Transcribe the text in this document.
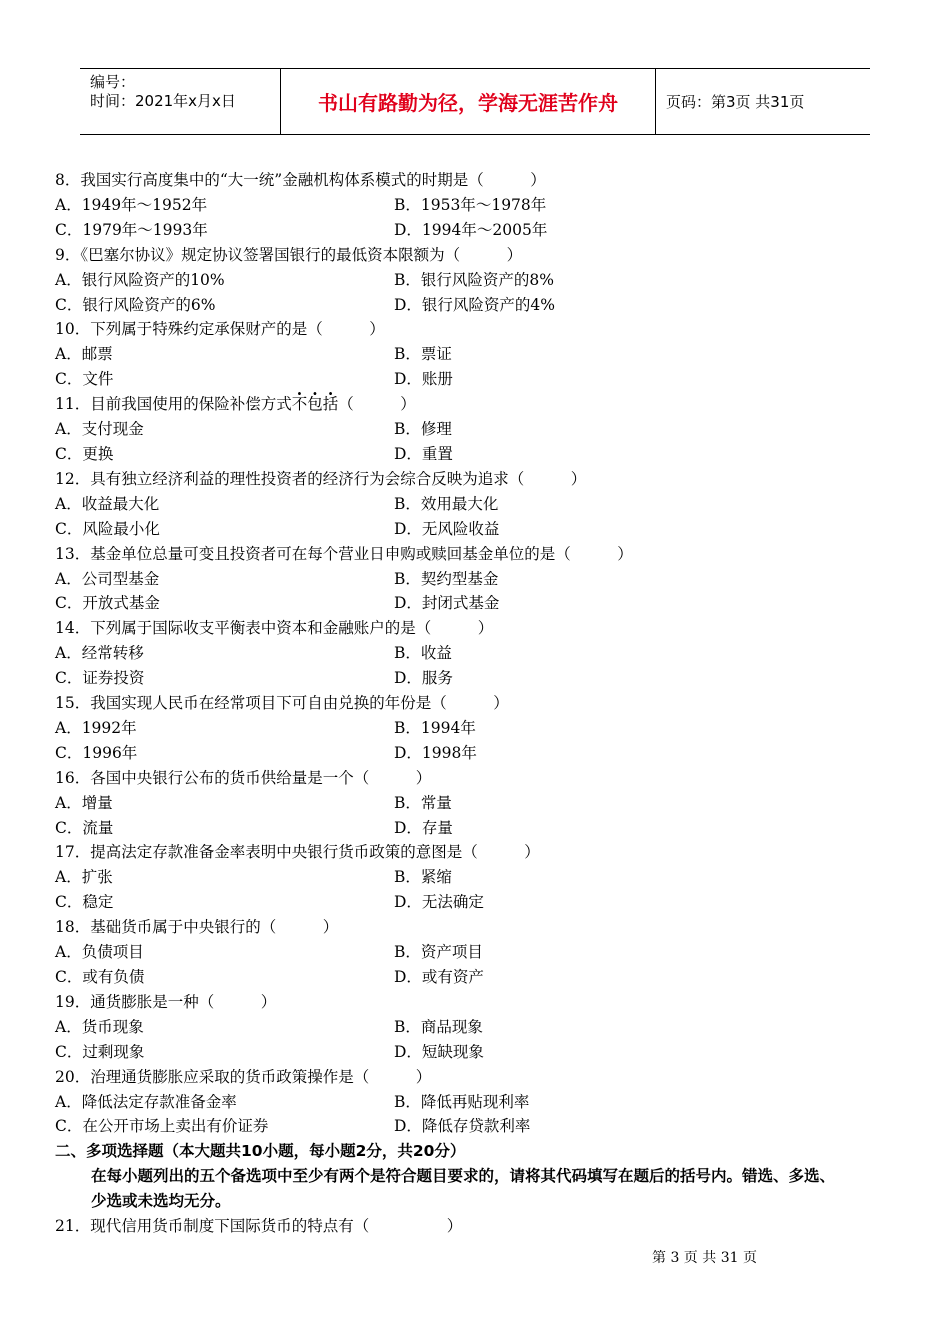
编号：
时间：2021年x月x日	书山有路勤为径，学海无涯苦作舟	页码：第3页 共31页
8．我国实行高度集中的“大一统”金融机构体系模式的时期是（　　　）
A．1949年～1952年	B．1953年～1978年
C．1979年～1993年	D．1994年～2005年
9．《巴塞尔协议》规定协议签署国银行的最低资本限额为（　　　）
A．银行风险资产的10%	B．银行风险资产的8%
C．银行风险资产的6%	D．银行风险资产的4%
10．下列属于特殊约定承保财产的是（　　　）
A．邮票	B．票证
C．文件	D．账册
11．目前我国使用的保险补偿方式不包括（　　　）
A．支付现金	B．修理
C．更换	D．重置
12．具有独立经济利益的理性投资者的经济行为会综合反映为追求（　　　）
A．收益最大化	B．效用最大化
C．风险最小化	D．无风险收益
13．基金单位总量可变且投资者可在每个营业日申购或赎回基金单位的是（　　　）
A．公司型基金	B．契约型基金
C．开放式基金	D．封闭式基金
14．下列属于国际收支平衡表中资本和金融账户的是（　　　）
A．经常转移	B．收益
C．证券投资	D．服务
15．我国实现人民币在经常项目下可自由兑换的年份是（　　　）
A．1992年	B．1994年
C．1996年	D．1998年
16．各国中央银行公布的货币供给量是一个（　　　）
A．增量	B．常量
C．流量	D．存量
17．提高法定存款准备金率表明中央银行货币政策的意图是（　　　）
A．扩张	B．紧缩
C．稳定	D．无法确定
18．基础货币属于中央银行的（　　　）
A．负债项目	B．资产项目
C．或有负债	D．或有资产
19．通货膨胀是一种（　　　）
A．货币现象	B．商品现象
C．过剩现象	D．短缺现象
20．治理通货膨胀应采取的货币政策操作是（　　　）
A．降低法定存款准备金率	B．降低再贴现利率
C．在公开市场上卖出有价证券	D．降低存贷款利率
二、多项选择题（本大题共10小题，每小题2分，共20分）
在每小题列出的五个备选项中至少有两个是符合题目要求的，请将其代码填写在题后的括号内。错选、多选、
少选或未选均无分。
21．现代信用货币制度下国际货币的特点有（　　　　　）
第 3 页 共 31 页
